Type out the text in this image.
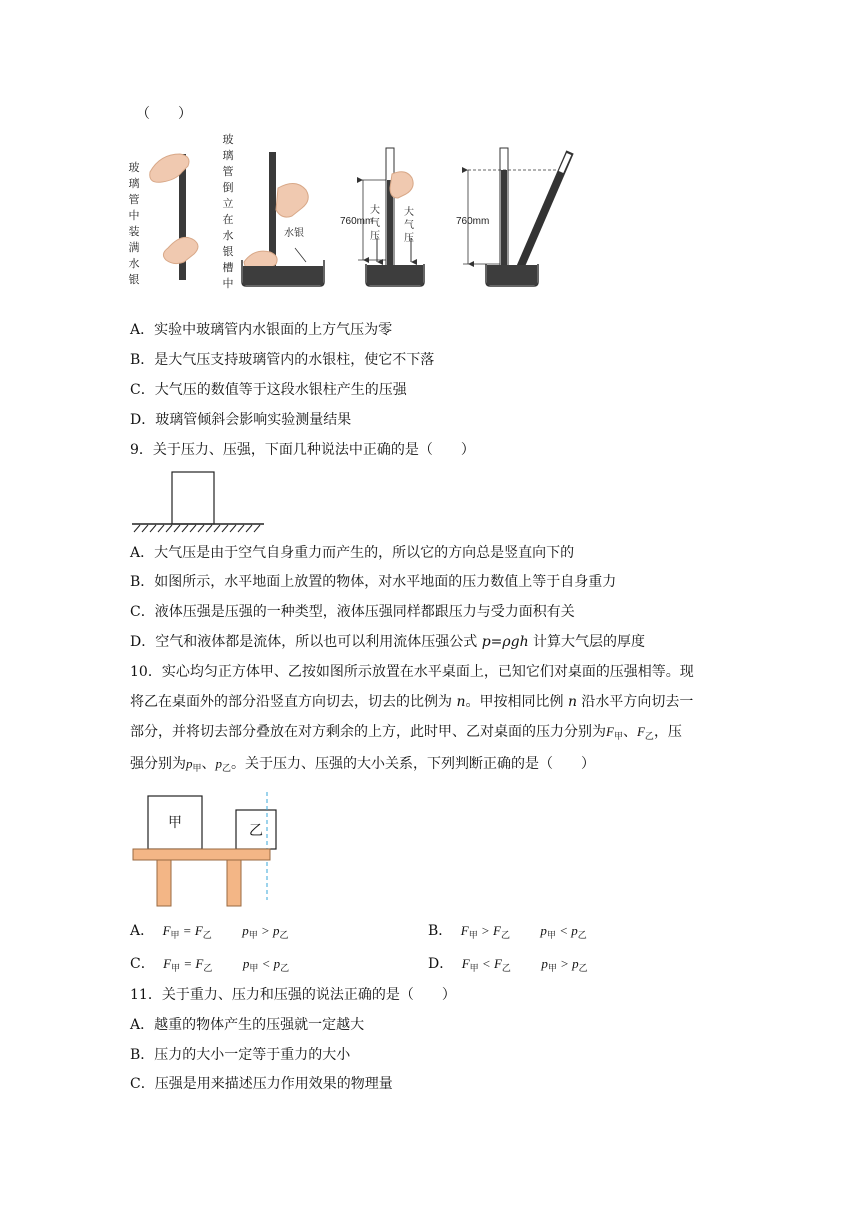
（　　）
玻
璃
管
中
装
满
水
银
玻
璃
管
倒
立
在
水
银
槽
中
水银
760mm	760mm
大
气
压
大
气
压
A．实验中玻璃管内水银面的上方气压为零
B．是大气压支持玻璃管内的水银柱，使它不下落
C．大气压的数值等于这段水银柱产生的压强
D．玻璃管倾斜会影响实验测量结果
9．关于压力、压强，下面几种说法中正确的是（　　）
A．大气压是由于空气自身重力而产生的，所以它的方向总是竖直向下的
B．如图所示，水平地面上放置的物体，对水平地面的压力数值上等于自身重力
C．液体压强是压强的一种类型，液体压强同样都跟压力与受力面积有关
D．空气和液体都是流体，所以也可以利用流体压强公式 p=ρgh 计算大气层的厚度
10．实心均匀正方体甲、乙按如图所示放置在水平桌面上，已知它们对桌面的压强相等。现
将乙在桌面外的部分沿竖直方向切去，切去的比例为 n。甲按相同比例 n 沿水平方向切去一
部分，并将切去部分叠放在对方剩余的上方，此时甲、乙对桌面的压力分别为$F_甲$、$F_乙$，压
强分别为$p_甲$、$p_乙$。关于压力、压强的大小关系，下列判断正确的是（　　）
甲	乙
A． $F_甲 = F_乙$ $p_甲 > p_乙$	B． $F_甲 > F_乙$ $p_甲 < p_乙$
C． $F_甲 = F_乙$ $p_甲 < p_乙$	D． $F_甲 < F_乙$ $p_甲 > p_乙$
11．关于重力、压力和压强的说法正确的是（　　）
A．越重的物体产生的压强就一定越大
B．压力的大小一定等于重力的大小
C．压强是用来描述压力作用效果的物理量
